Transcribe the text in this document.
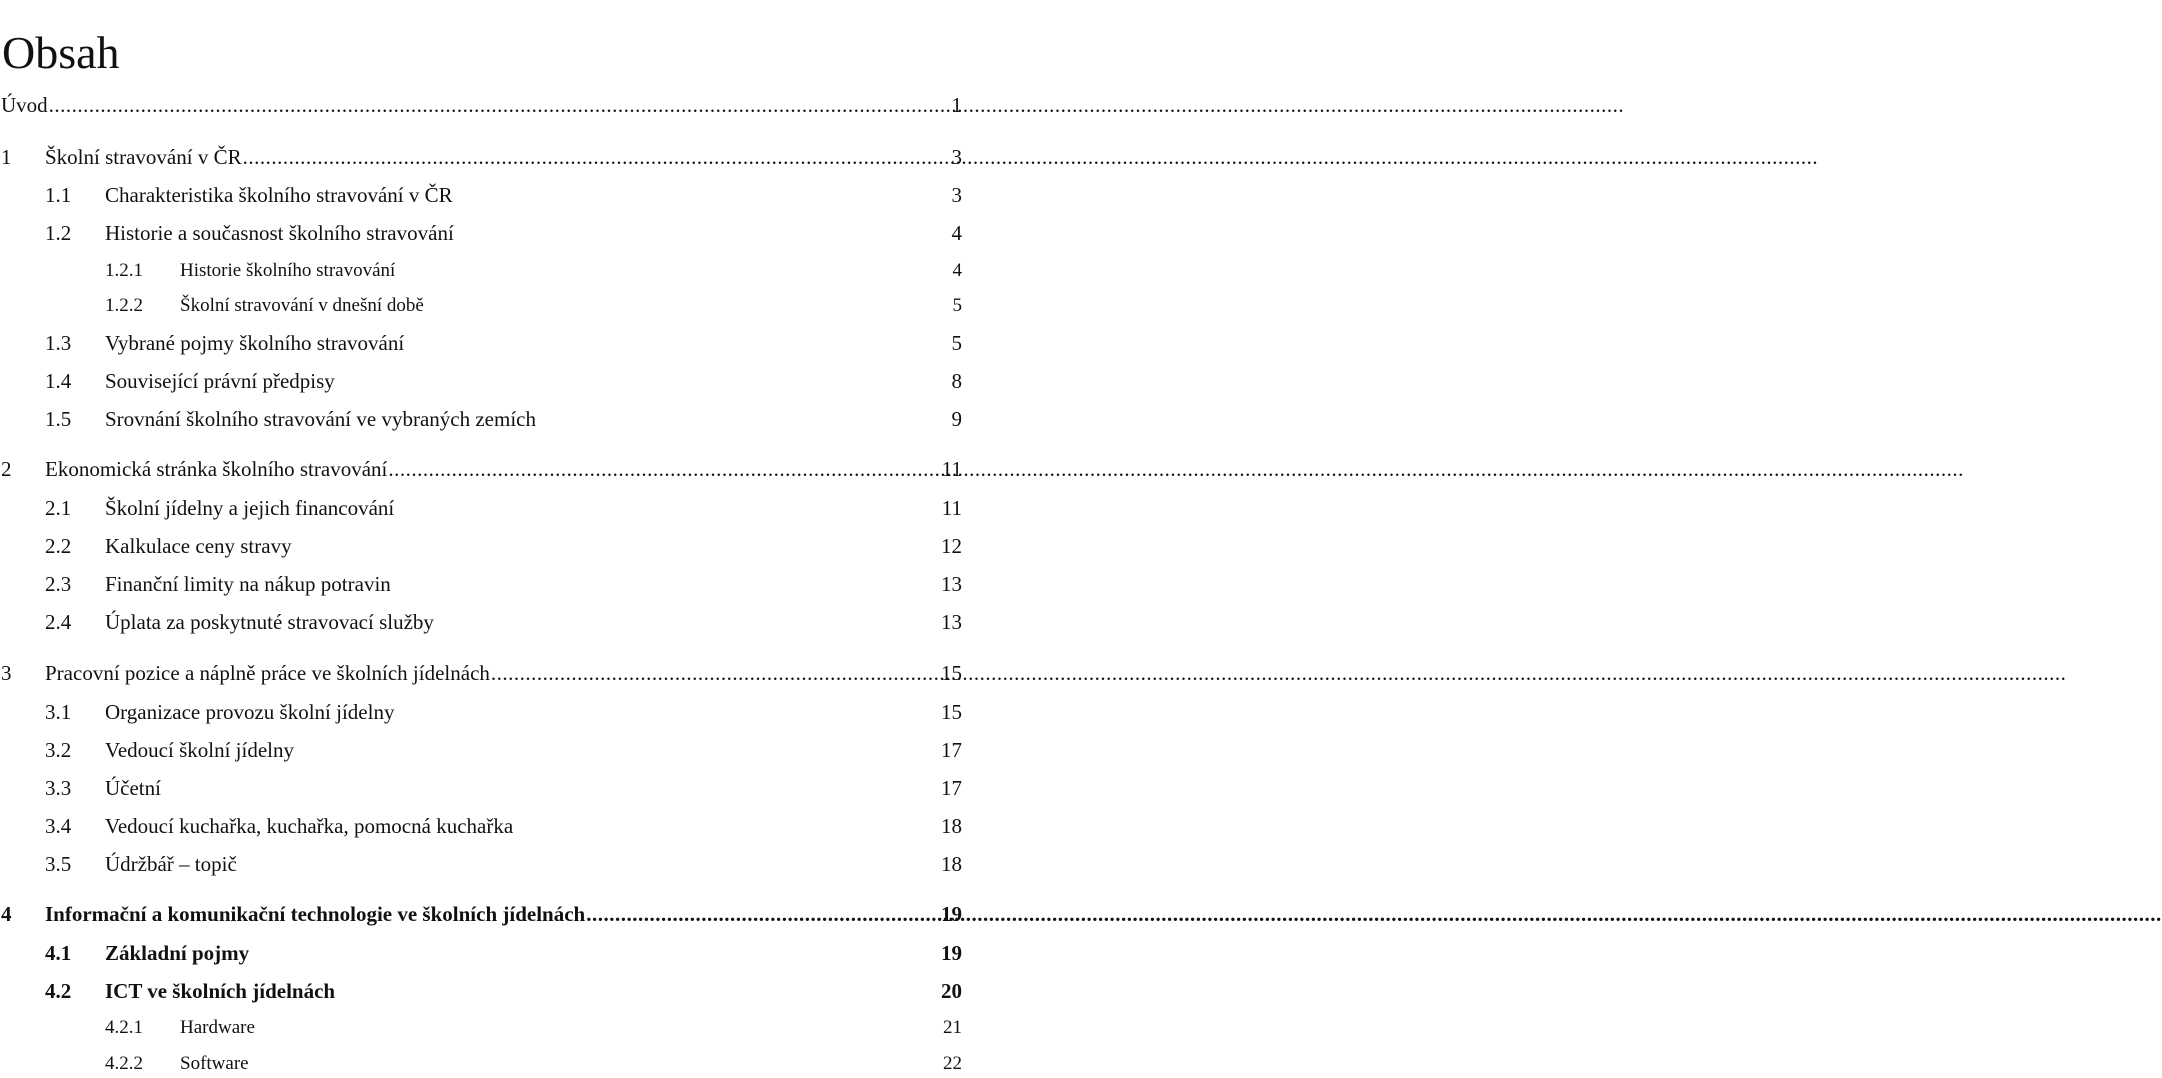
Obsah
Úvod .....	1
1	Školní stravování v ČR .....	3
1.1	Charakteristika školního stravování v ČR	3
1.2	Historie a současnost školního stravování	4
1.2.1	Historie školního stravování	4
1.2.2	Školní stravování v dnešní době	5
1.3	Vybrané pojmy školního stravování	5
1.4	Související právní předpisy	8
1.5	Srovnání školního stravování ve vybraných zemích	9
2	Ekonomická stránka školního stravování .....	11
2.1	Školní jídelny a jejich financování	11
2.2	Kalkulace ceny stravy	12
2.3	Finanční limity na nákup potravin	13
2.4	Úplata za poskytnuté stravovací služby	13
3	Pracovní pozice a náplně práce ve školních jídelnách .....	15
3.1	Organizace provozu školní jídelny	15
3.2	Vedoucí školní jídelny	17
3.3	Účetní	17
3.4	Vedoucí kuchařka, kuchařka, pomocná kuchařka	18
3.5	Údržbář – topič	18
4	Informační a komunikační technologie ve školních jídelnách .....	19
4.1	Základní pojmy	19
4.2	ICT ve školních jídelnách	20
4.2.1	Hardware	21
4.2.2	Software	22
